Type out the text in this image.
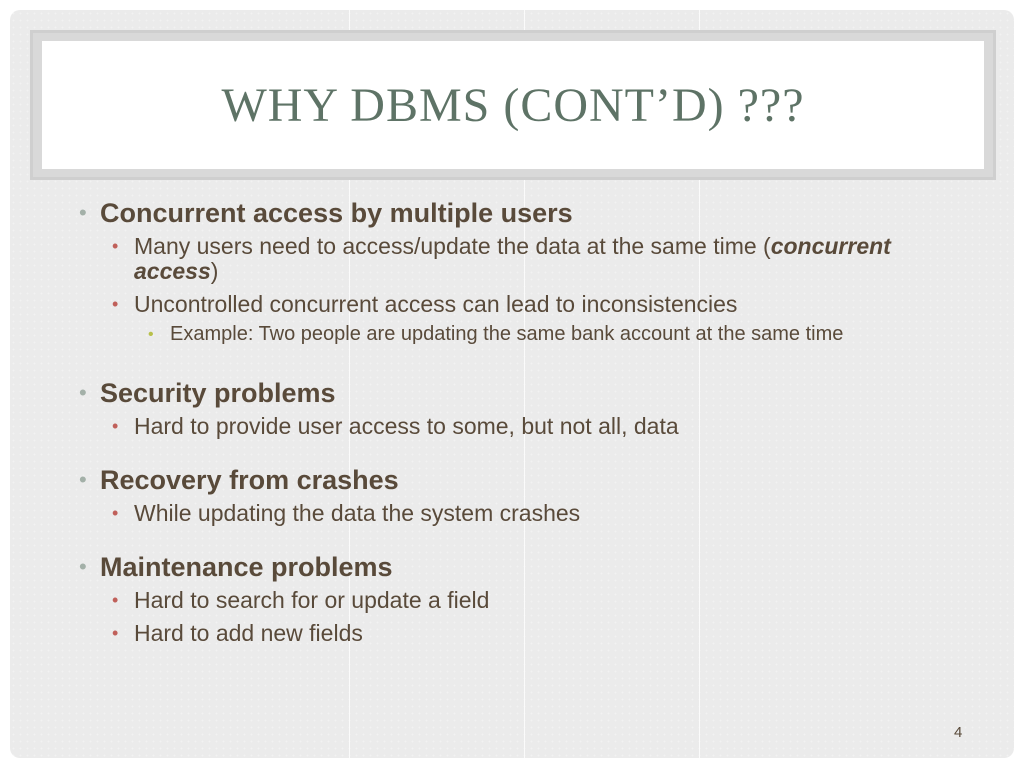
WHY DBMS (CONT’D) ???
• Concurrent access by multiple users
• Many users need to access/update the data at the same time (concurrent access)
• Uncontrolled concurrent access can lead to inconsistencies
• Example: Two people are updating the same bank account at the same time
• Security problems
• Hard to provide user access to some, but not all, data
• Recovery from crashes
• While updating the data the system crashes
• Maintenance problems
• Hard to search for or update a field
• Hard to add new fields
4
